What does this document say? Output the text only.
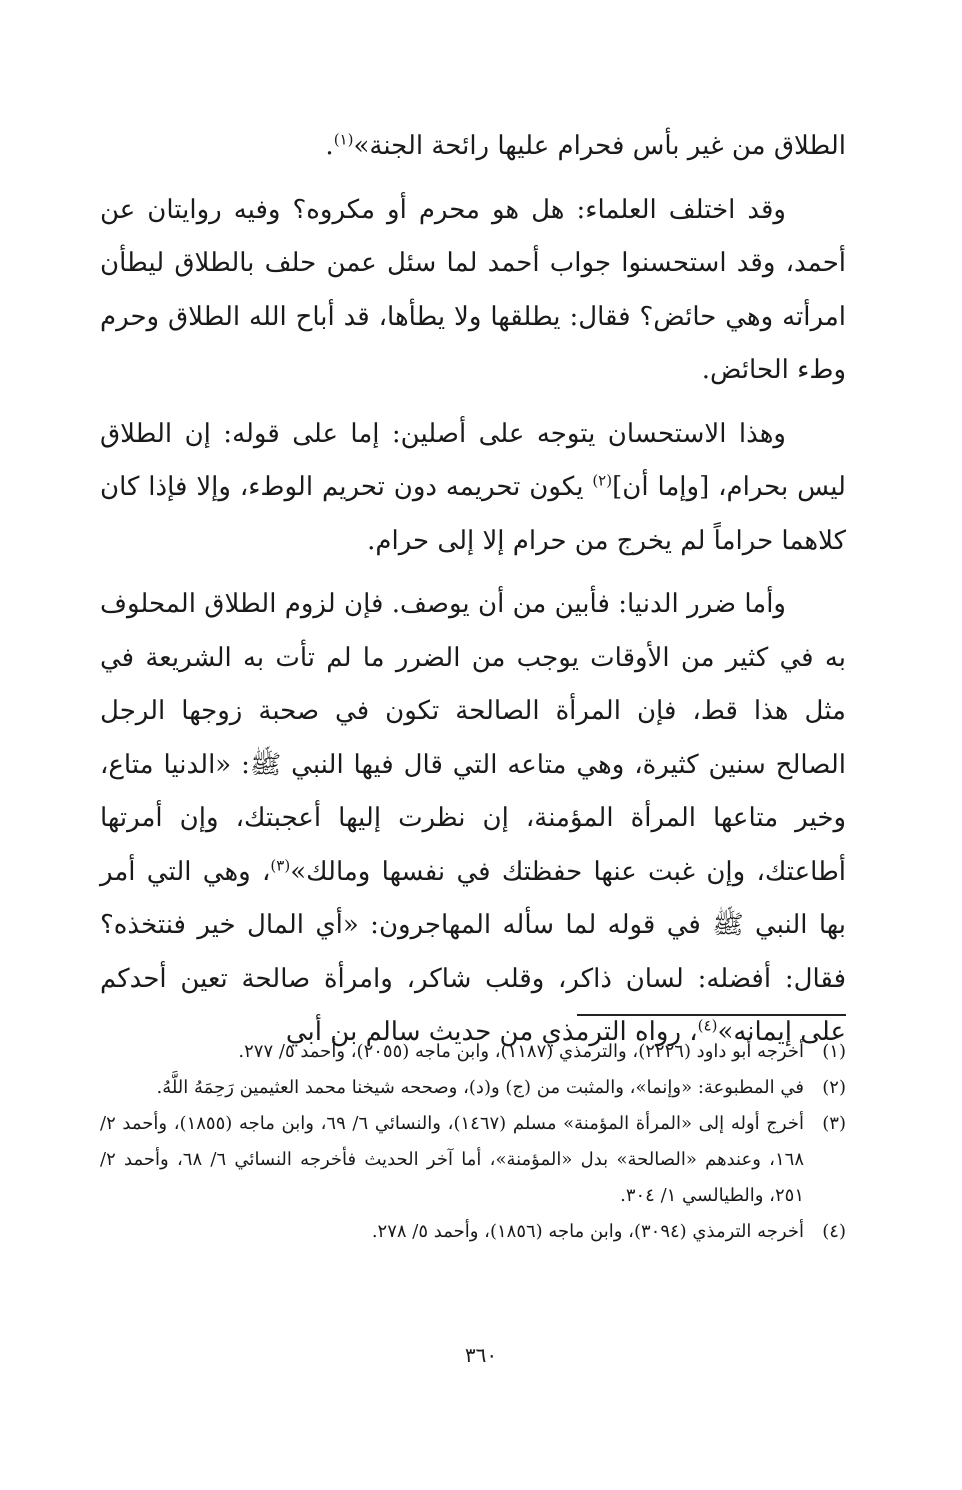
الطلاق من غير بأس فحرام عليها رائحة الجنة»$^{(١)}$.

وقد اختلف العلماء: هل هو محرم أو مكروه؟ وفيه روايتان عن أحمد، وقد استحسنوا جواب أحمد لما سئل عمن حلف بالطلاق ليطأن امرأته وهي حائض؟ فقال: يطلقها ولا يطأها، قد أباح الله الطلاق وحرم وطء الحائض.

وهذا الاستحسان يتوجه على أصلين: إما على قوله: إن الطلاق ليس بحرام، [وإما أن]$^{(٢)}$ يكون تحريمه دون تحريم الوطء، وإلا فإذا كان كلاهما حراماً لم يخرج من حرام إلا إلى حرام.

وأما ضرر الدنيا: فأبين من أن يوصف. فإن لزوم الطلاق المحلوف به في كثير من الأوقات يوجب من الضرر ما لم تأت به الشريعة في مثل هذا قط، فإن المرأة الصالحة تكون في صحبة زوجها الرجل الصالح سنين كثيرة، وهي متاعه التي قال فيها النبي ﷺ: «الدنيا متاع، وخير متاعها المرأة المؤمنة، إن نظرت إليها أعجبتك، وإن أمرتها أطاعتك، وإن غبت عنها حفظتك في نفسها ومالك»$^{(٣)}$، وهي التي أمر بها النبي ﷺ في قوله لما سأله المهاجرون: «أي المال خير فنتخذه؟ فقال: أفضله: لسان ذاكر، وقلب شاكر، وامرأة صالحة تعين أحدكم على إيمانه»$^{(٤)}$، رواه الترمذي من حديث سالم بن أبي

(١)
أخرجه أبو داود (٢٢٢٦)، والترمذي (١١٨٧)، وابن ماجه (٢٠٥٥)، وأحمد ٥/ ٢٧٧.
(٢)
في المطبوعة: «وإنما»، والمثبت من (ج) و(د)، وصححه شيخنا محمد العثيمين رَحِمَهُ اللَّهُ.
(٣)
أخرج أوله إلى «المرأة المؤمنة» مسلم (١٤٦٧)، والنسائي ٦/ ٦٩، وابن ماجه (١٨٥٥)، وأحمد ٢/ ١٦٨، وعندهم «الصالحة» بدل «المؤمنة»، أما آخر الحديث فأخرجه النسائي ٦/ ٦٨، وأحمد ٢/ ٢٥١، والطيالسي ١/ ٣٠٤.
(٤)
أخرجه الترمذي (٣٠٩٤)، وابن ماجه (١٨٥٦)، وأحمد ٥/ ٢٧٨.
٣٦٠
